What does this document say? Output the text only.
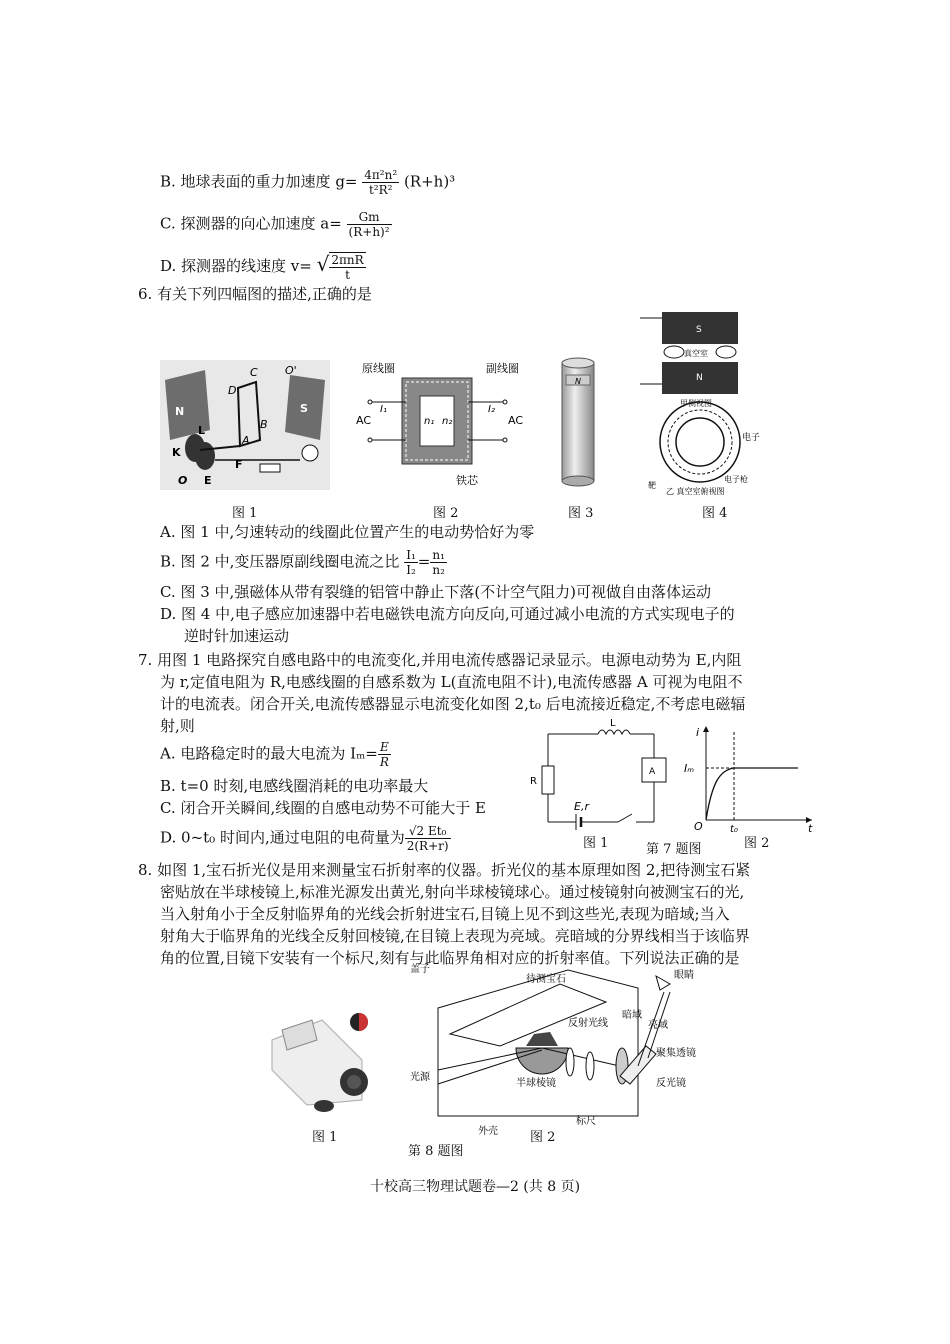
B. 地球表面的重力加速度 $g= \frac{\text{4π²n²}}{\text{t²R²}} (R+h)^3$
C. 探测器的向心加速度 $a= \frac{Gm}{\text{(R+h)²}}$
D. 探测器的线速度 v= √ $\frac{\text{2πnR}}{t}$
6. 有关下列四幅图的描述,正确的是
N	S
C
D
O'
L	B
A
K
F
O E
原线圈	副线圈
AC	AC
I₁	I₂
n₁ n₂
铁芯
N
S
N
真空室
甲侧视图
电子
靶
电子枪
乙 真空室俯视图
图 1	图 2	图 3	图 4
A. 图 1 中,匀速转动的线圈此位置产生的电动势恰好为零
B. 图 2 中,变压器原副线圈电流之比 $\frac{\text{I₁}}{\text{I₂}} = \frac{\text{n₁}}{\text{n₂}}$
C. 图 3 中,强磁体从带有裂缝的铝管中静止下落(不计空气阻力)可视做自由落体运动
D. 图 4 中,电子感应加速器中若电磁铁电流方向反向,可通过减小电流的方式实现电子的
逆时针加速运动
7. 用图 1 电路探究自感电路中的电流变化,并用电流传感器记录显示。电源电动势为 E,内阻
为 r,定值电阻为 R,电感线圈的自感系数为 L(直流电阻不计),电流传感器 A 可视为电阻不
计的电流表。闭合开关,电流传感器显示电流变化如图 2,t₀ 后电流接近稳定,不考虑电磁辐
射,则
A. 电路稳定时的最大电流为 $I_m= \frac{E}{R}$
B. t=0 时刻,电感线圈消耗的电功率最大
C. 闭合开关瞬间,线圈的自感电动势不可能大于 E
D. 0~t₀ 时间内,通过电阻的电荷量为 $\frac{\text{√2 Et₀}}{2(R+r)}$
L
R
A
E,r
i
Iₘ
O	t₀	t
图 1	第 7 题图	图 2
8. 如图 1,宝石折光仪是用来测量宝石折射率的仪器。折光仪的基本原理如图 2,把待测宝石紧
密贴放在半球棱镜上,标准光源发出黄光,射向半球棱镜球心。通过棱镜射向被测宝石的光,
当入射角小于全反射临界角的光线会折射进宝石,目镜上见不到这些光,表现为暗域;当入
射角大于临界角的光线全反射回棱镜,在目镜上表现为亮域。亮暗域的分界线相当于该临界
角的位置,目镜下安装有一个标尺,刻有与此临界角相对应的折射率值。下列说法正确的是
盖子
待测宝石	眼睛
反射光线
暗域
亮域
聚集透镜
光源
半球棱镜	反光镜
外壳
标尺
图 1	图 2
第 8 题图
十校高三物理试题卷—2 (共 8 页)
